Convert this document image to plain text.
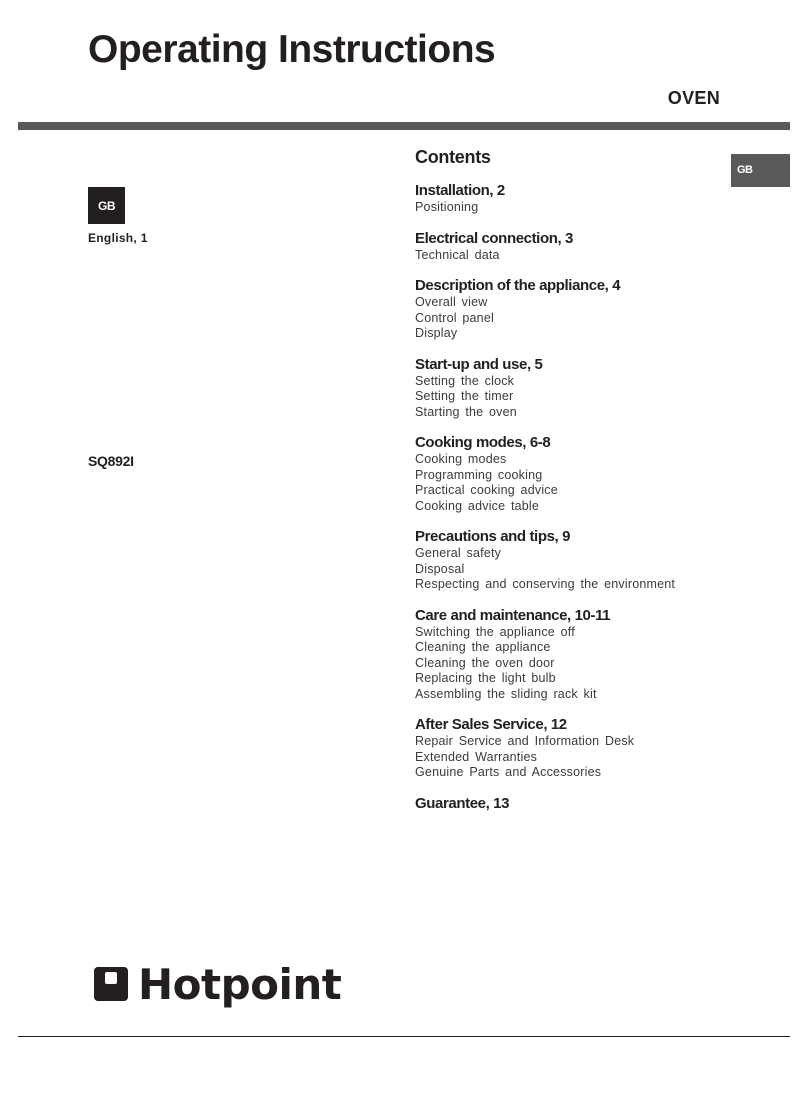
Operating Instructions
OVEN
GB
English, 1
SQ892I
GB
Contents
Installation, 2
Positioning
Electrical connection, 3
Technical data
Description of the appliance, 4
Overall view
Control panel
Display
Start-up and use, 5
Setting the clock
Setting the timer
Starting the oven
Cooking modes, 6-8
Cooking modes
Programming cooking
Practical cooking advice
Cooking advice table
Precautions and tips, 9
General safety
Disposal
Respecting and conserving the environment
Care and maintenance, 10-11
Switching the appliance off
Cleaning the appliance
Cleaning the oven door
Replacing the light bulb
Assembling the sliding rack kit
After Sales Service, 12
Repair Service and Information Desk
Extended Warranties
Genuine Parts and Accessories
Guarantee, 13
Hotpoint
